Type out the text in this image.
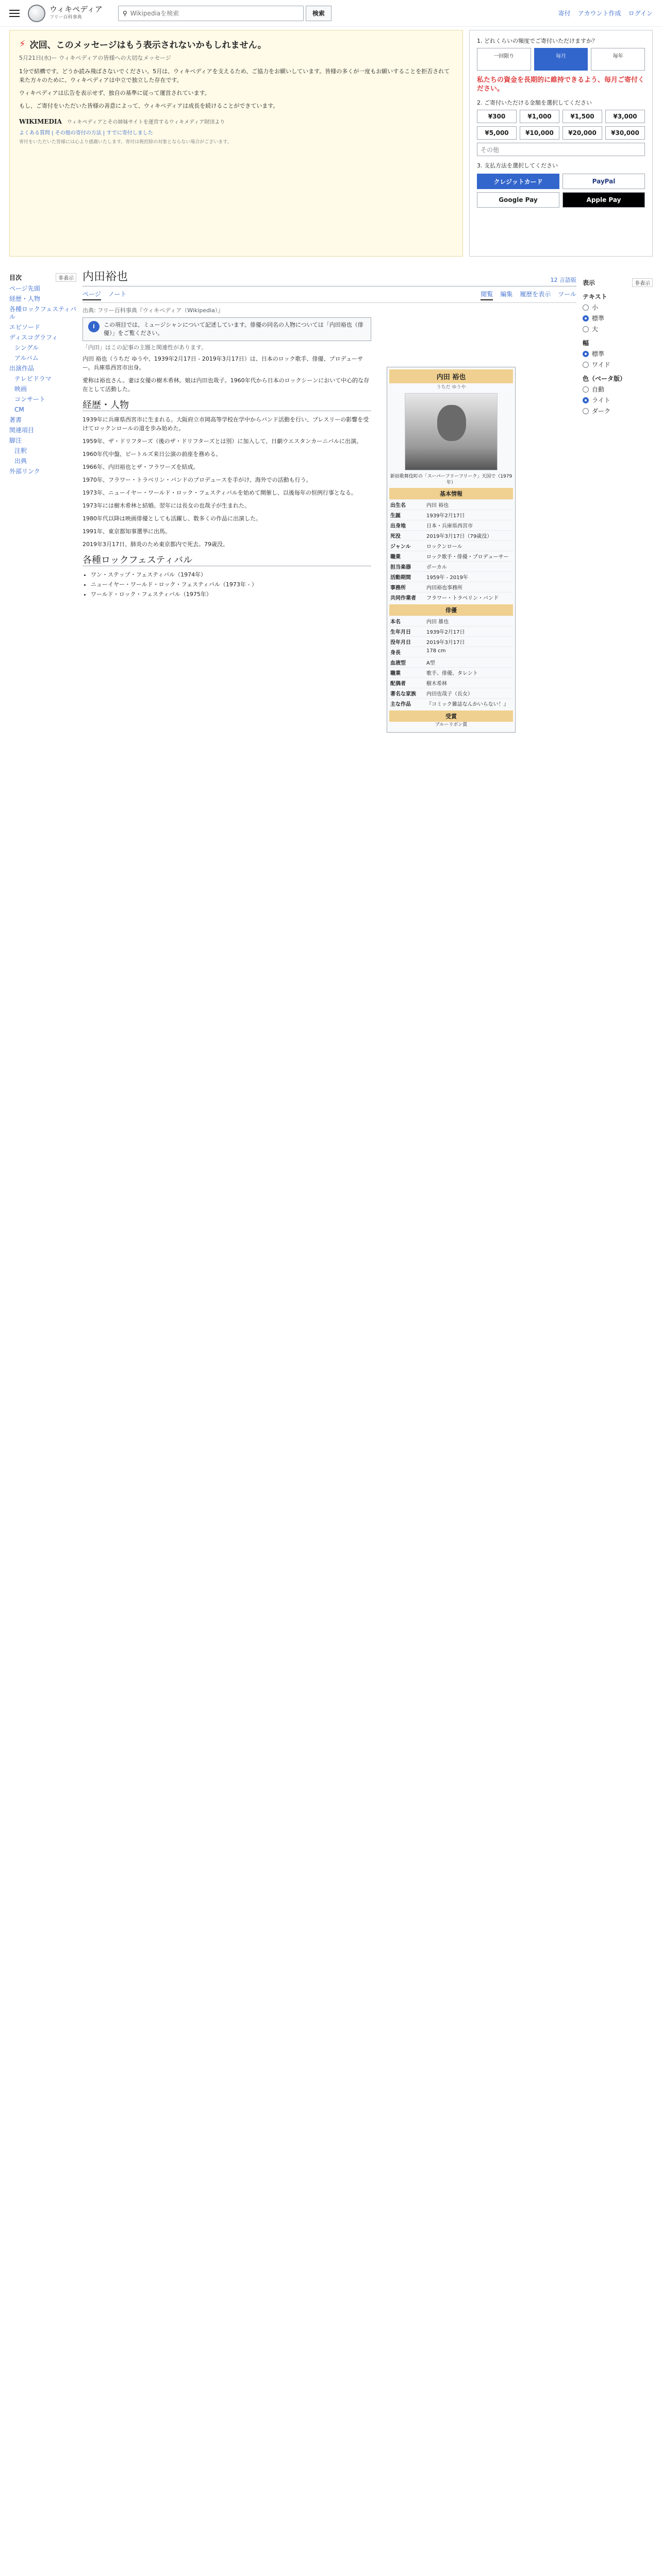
ウィキペディア
フリー百科事典
⚲
Wikipediaを検索	検索	寄付 アカウント作成 ログイン
⚡ 次回、このメッセージはもう表示されないかもしれません。
5月21日(水)ー ウィキペディアの皆様への大切なメッセージ

1分で結構です。どうか読み飛ばさないでください。5月は、ウィキペディアを支えるため、ご協力をお願いしています。皆様の多くが一度もお願いすることを拒否されて来た方々のために、ウィキペディアは中立で独立した存在です。

ウィキペディアは広告を表示せず、独自の基準に従って運営されています。

もし、ご寄付をいただいた皆様の善意によって、ウィキペディアは成長を続けることができています。

WIKIMEDIA ウィキペディアとその姉妹サイトを運営するウィキメディア財団より
よくある質問 | その他の寄付の方法 | すでに寄付しました
寄付をいただいた皆様には心より感謝いたします。寄付は税控除の対象とならない場合がございます。
1. どれくらいの頻度でご寄付いただけますか？
一回限り	毎月	毎年
私たちの資金を長期的に維持できるよう、毎月ご寄付ください。
2. ご寄付いただける金額を選択してください
¥300	¥1,000	¥1,500	¥3,000
¥5,000	¥10,000	¥20,000	¥30,000
その他
3. 支払方法を選択してください
クレジットカード	PayPal
Google Pay	Apple Pay
目次	非表示
ページ先頭
経歴・人物
各種ロックフェスティバル
エピソード
ディスコグラフィ
シングル
アルバム
出演作品
テレビドラマ
映画
コンサート
CM
著書
関連項目
脚注
注釈
出典
外部リンク
内田裕也	12 言語版
ページ ノート	閲覧 編集 履歴を表示 ツール
出典: フリー百科事典『ウィキペディア（Wikipedia）』
i	この項目では、ミュージシャンについて記述しています。俳優の同名の人物については「内田裕也（俳優）」をご覧ください。
「内田」はこの記事の主題と関連性があります。

内田 裕也（うちだ ゆうや、1939年2月17日 - 2019年3月17日）は、日本のロック歌手、俳優、プロデューサー。兵庫県西宮市出身。

愛称は裕也さん。妻は女優の樹木希林。娘は内田也哉子。1960年代から日本のロックシーンにおいて中心的な存在として活動した。

経歴・人物

1939年に兵庫県西宮市に生まれる。大阪府立市岡高等学校在学中からバンド活動を行い、プレスリーの影響を受けてロックンロールの道を歩み始めた。

1959年、ザ・ドリフターズ（後のザ・ドリフターズとは別）に加入して、日劇ウエスタンカーニバルに出演。

1960年代中盤、ビートルズ来日公演の前座を務める。

1966年、内田裕也とザ・フラワーズを結成。

1970年、フラワー・トラベリン・バンドのプロデュースを手がけ、海外での活動も行う。

1973年、ニューイヤー・ワールド・ロック・フェスティバルを始めて開催し、以後毎年の恒例行事となる。

1973年には樹木希林と結婚。翌年には長女の也哉子が生まれた。

1980年代以降は映画俳優としても活躍し、数多くの作品に出演した。

1991年、東京都知事選挙に出馬。

2019年3月17日、肺炎のため東京都内で死去。79歳没。

各種ロックフェスティバル
• ワン・ステップ・フェスティバル（1974年）
• ニューイヤー・ワールド・ロック・フェスティバル（1973年 - ）
• ワールド・ロック・フェスティバル（1975年）
内田 裕也
うちだ ゆうや
新宿歌舞伎町の「スーパーフリーフリーク」天国で（1979年）
基本情報
出生名	内田 裕也
生誕	1939年2月17日
出身地	日本・兵庫県西宮市
死没	2019年3月17日（79歳没）
ジャンル	ロックンロール
職業	ロック歌手・俳優・プロデューサー
担当楽器	ボーカル
活動期間	1959年 - 2019年
事務所	内田裕也事務所
共同作業者	フラワー・トラベリン・バンド
俳優
本名	内田 雄也
生年月日	1939年2月17日
没年月日	2019年3月17日
身長	178 cm
血液型	A型
職業	歌手、俳優、タレント
配偶者	樹木希林
著名な家族	内田也哉子（長女）
主な作品	『コミック雑誌なんかいらない！』
受賞
ブルーリボン賞
表示	非表示
テキスト
小
標準
大
幅
標準
ワイド
色（ベータ版）
自動
ライト
ダーク
